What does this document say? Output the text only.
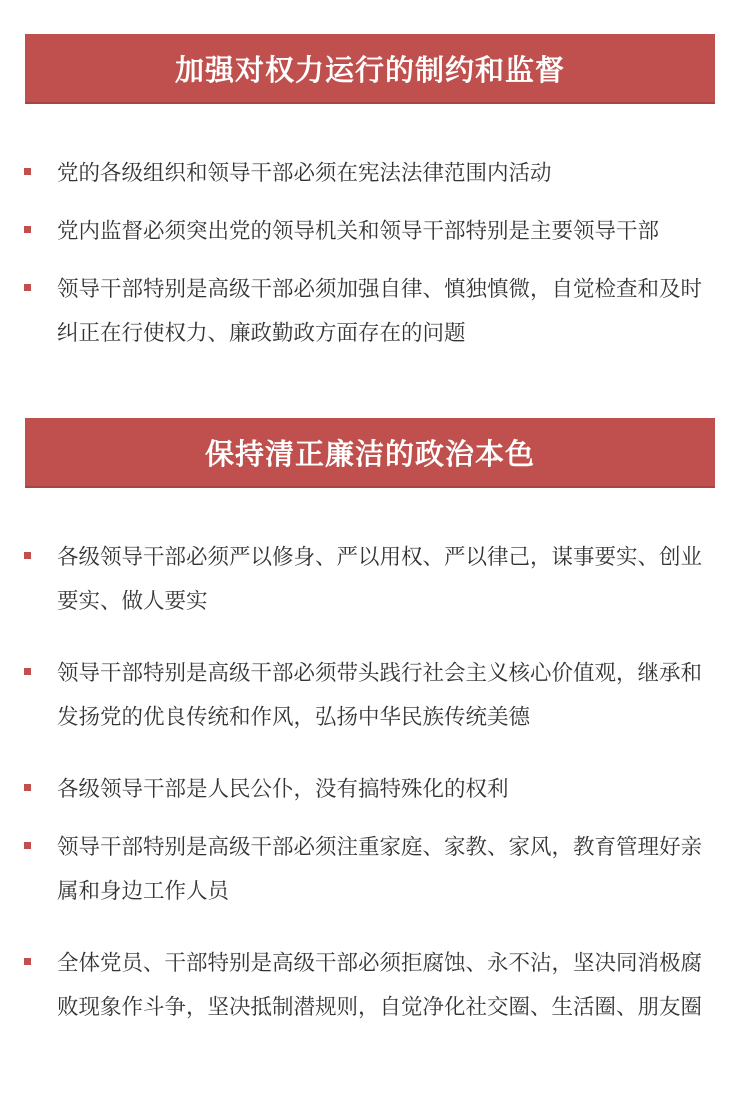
加强对权力运行的制约和监督
党的各级组织和领导干部必须在宪法法律范围内活动
党内监督必须突出党的领导机关和领导干部特别是主要领导干部
领导干部特别是高级干部必须加强自律、慎独慎微，自觉检查和及时纠正在行使权力、廉政勤政方面存在的问题
保持清正廉洁的政治本色
各级领导干部必须严以修身、严以用权、严以律己，谋事要实、创业要实、做人要实
领导干部特别是高级干部必须带头践行社会主义核心价值观，继承和发扬党的优良传统和作风，弘扬中华民族传统美德
各级领导干部是人民公仆，没有搞特殊化的权利
领导干部特别是高级干部必须注重家庭、家教、家风，教育管理好亲属和身边工作人员
全体党员、干部特别是高级干部必须拒腐蚀、永不沾，坚决同消极腐败现象作斗争，坚决抵制潜规则，自觉净化社交圈、生活圈、朋友圈
